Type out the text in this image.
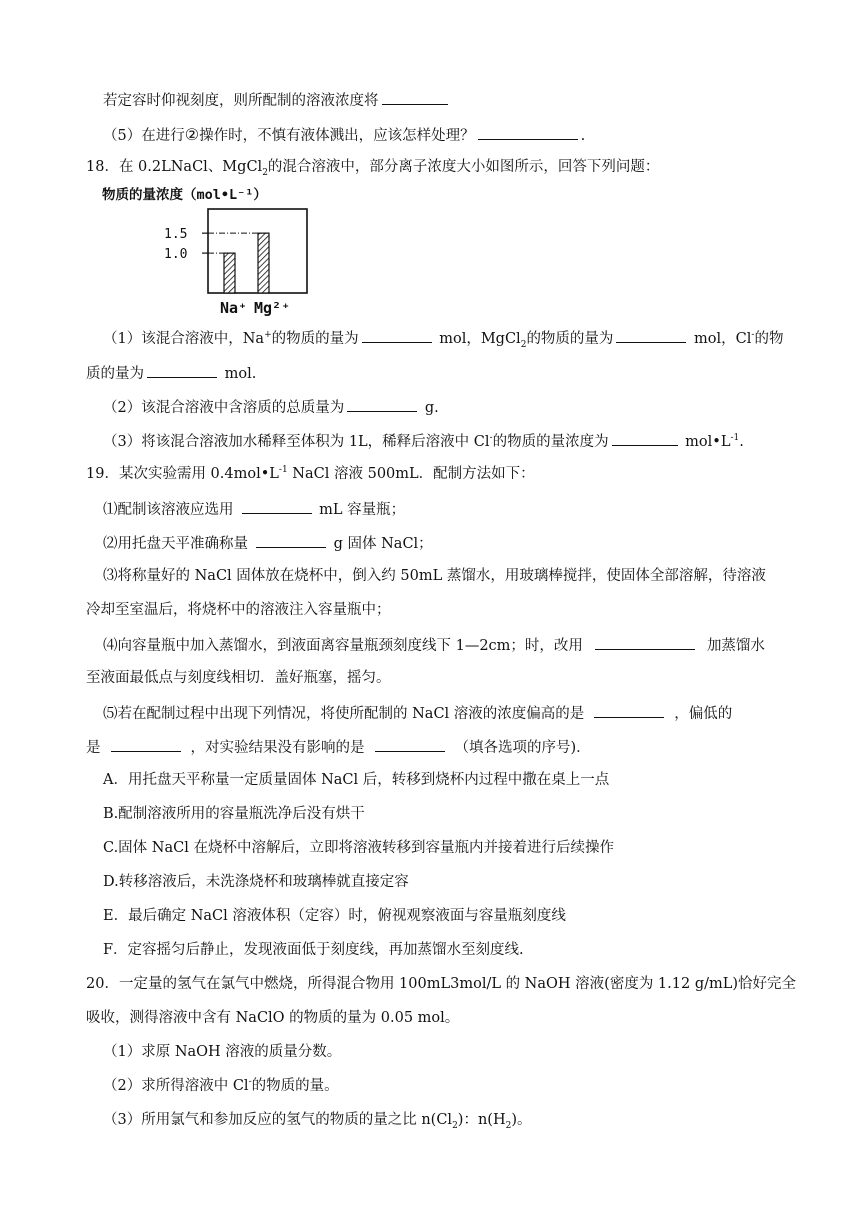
若定容时仰视刻度，则所配制的溶液浓度将
（5）在进行②操作时，不慎有液体溅出，应该怎样处理？	.
18．在 0.2LNaCl、MgCl$_2$的混合溶液中，部分离子浓度大小如图所示，回答下列问题：
物质的量浓度（mol•L⁻¹）
1.5
1.0
Na⁺ Mg²⁺
（1）该混合溶液中，Na+的物质的量为	mol，MgCl$_2$的物质的量为	mol，Cl-的物
质的量为	mol.
（2）该混合溶液中含溶质的总质量为	g.
（3）将该混合溶液加水稀释至体积为 1L，稀释后溶液中 Cl-的物质的量浓度为	$mol•L^{-1}$.
19．某次实验需用 $0.4mol•L^{-1}$ NaCl 溶液 500mL．配制方法如下：
⑴配制该溶液应选用	mL 容量瓶；
⑵用托盘天平准确称量	g 固体 NaCl；
⑶将称量好的 NaCl 固体放在烧杯中，倒入约 50mL 蒸馏水，用玻璃棒搅拌，使固体全部溶解，待溶液
冷却至室温后，将烧杯中的溶液注入容量瓶中；
⑷向容量瓶中加入蒸馏水，到液面离容量瓶颈刻度线下 1—2cm；时，改用	加蒸馏水
至液面最低点与刻度线相切．盖好瓶塞，摇匀。
⑸若在配制过程中出现下列情况，将使所配制的 NaCl 溶液的浓度偏高的是	，偏低的
是	，对实验结果没有影响的是	（填各选项的序号)．
A．用托盘天平称量一定质量固体 NaCl 后，转移到烧杯内过程中撒在桌上一点
B.配制溶液所用的容量瓶洗净后没有烘干
C.固体 NaCl 在烧杯中溶解后，立即将溶液转移到容量瓶内并接着进行后续操作
D.转移溶液后，未洗涤烧杯和玻璃棒就直接定容
E．最后确定 NaCl 溶液体积（定容）时，俯视观察液面与容量瓶刻度线
F．定容摇匀后静止，发现液面低于刻度线，再加蒸馏水至刻度线.
20．一定量的氢气在氯气中燃烧，所得混合物用 100mL3mol/L 的 NaOH 溶液(密度为 1.12 g/mL)恰好完全
吸收，测得溶液中含有 NaClO 的物质的量为 0.05 mol。
（1）求原 NaOH 溶液的质量分数。
（2）求所得溶液中 Cl-的物质的量。
（3）所用氯气和参加反应的氢气的物质的量之比 $n(Cl_2)$：$n(H_2)$。
